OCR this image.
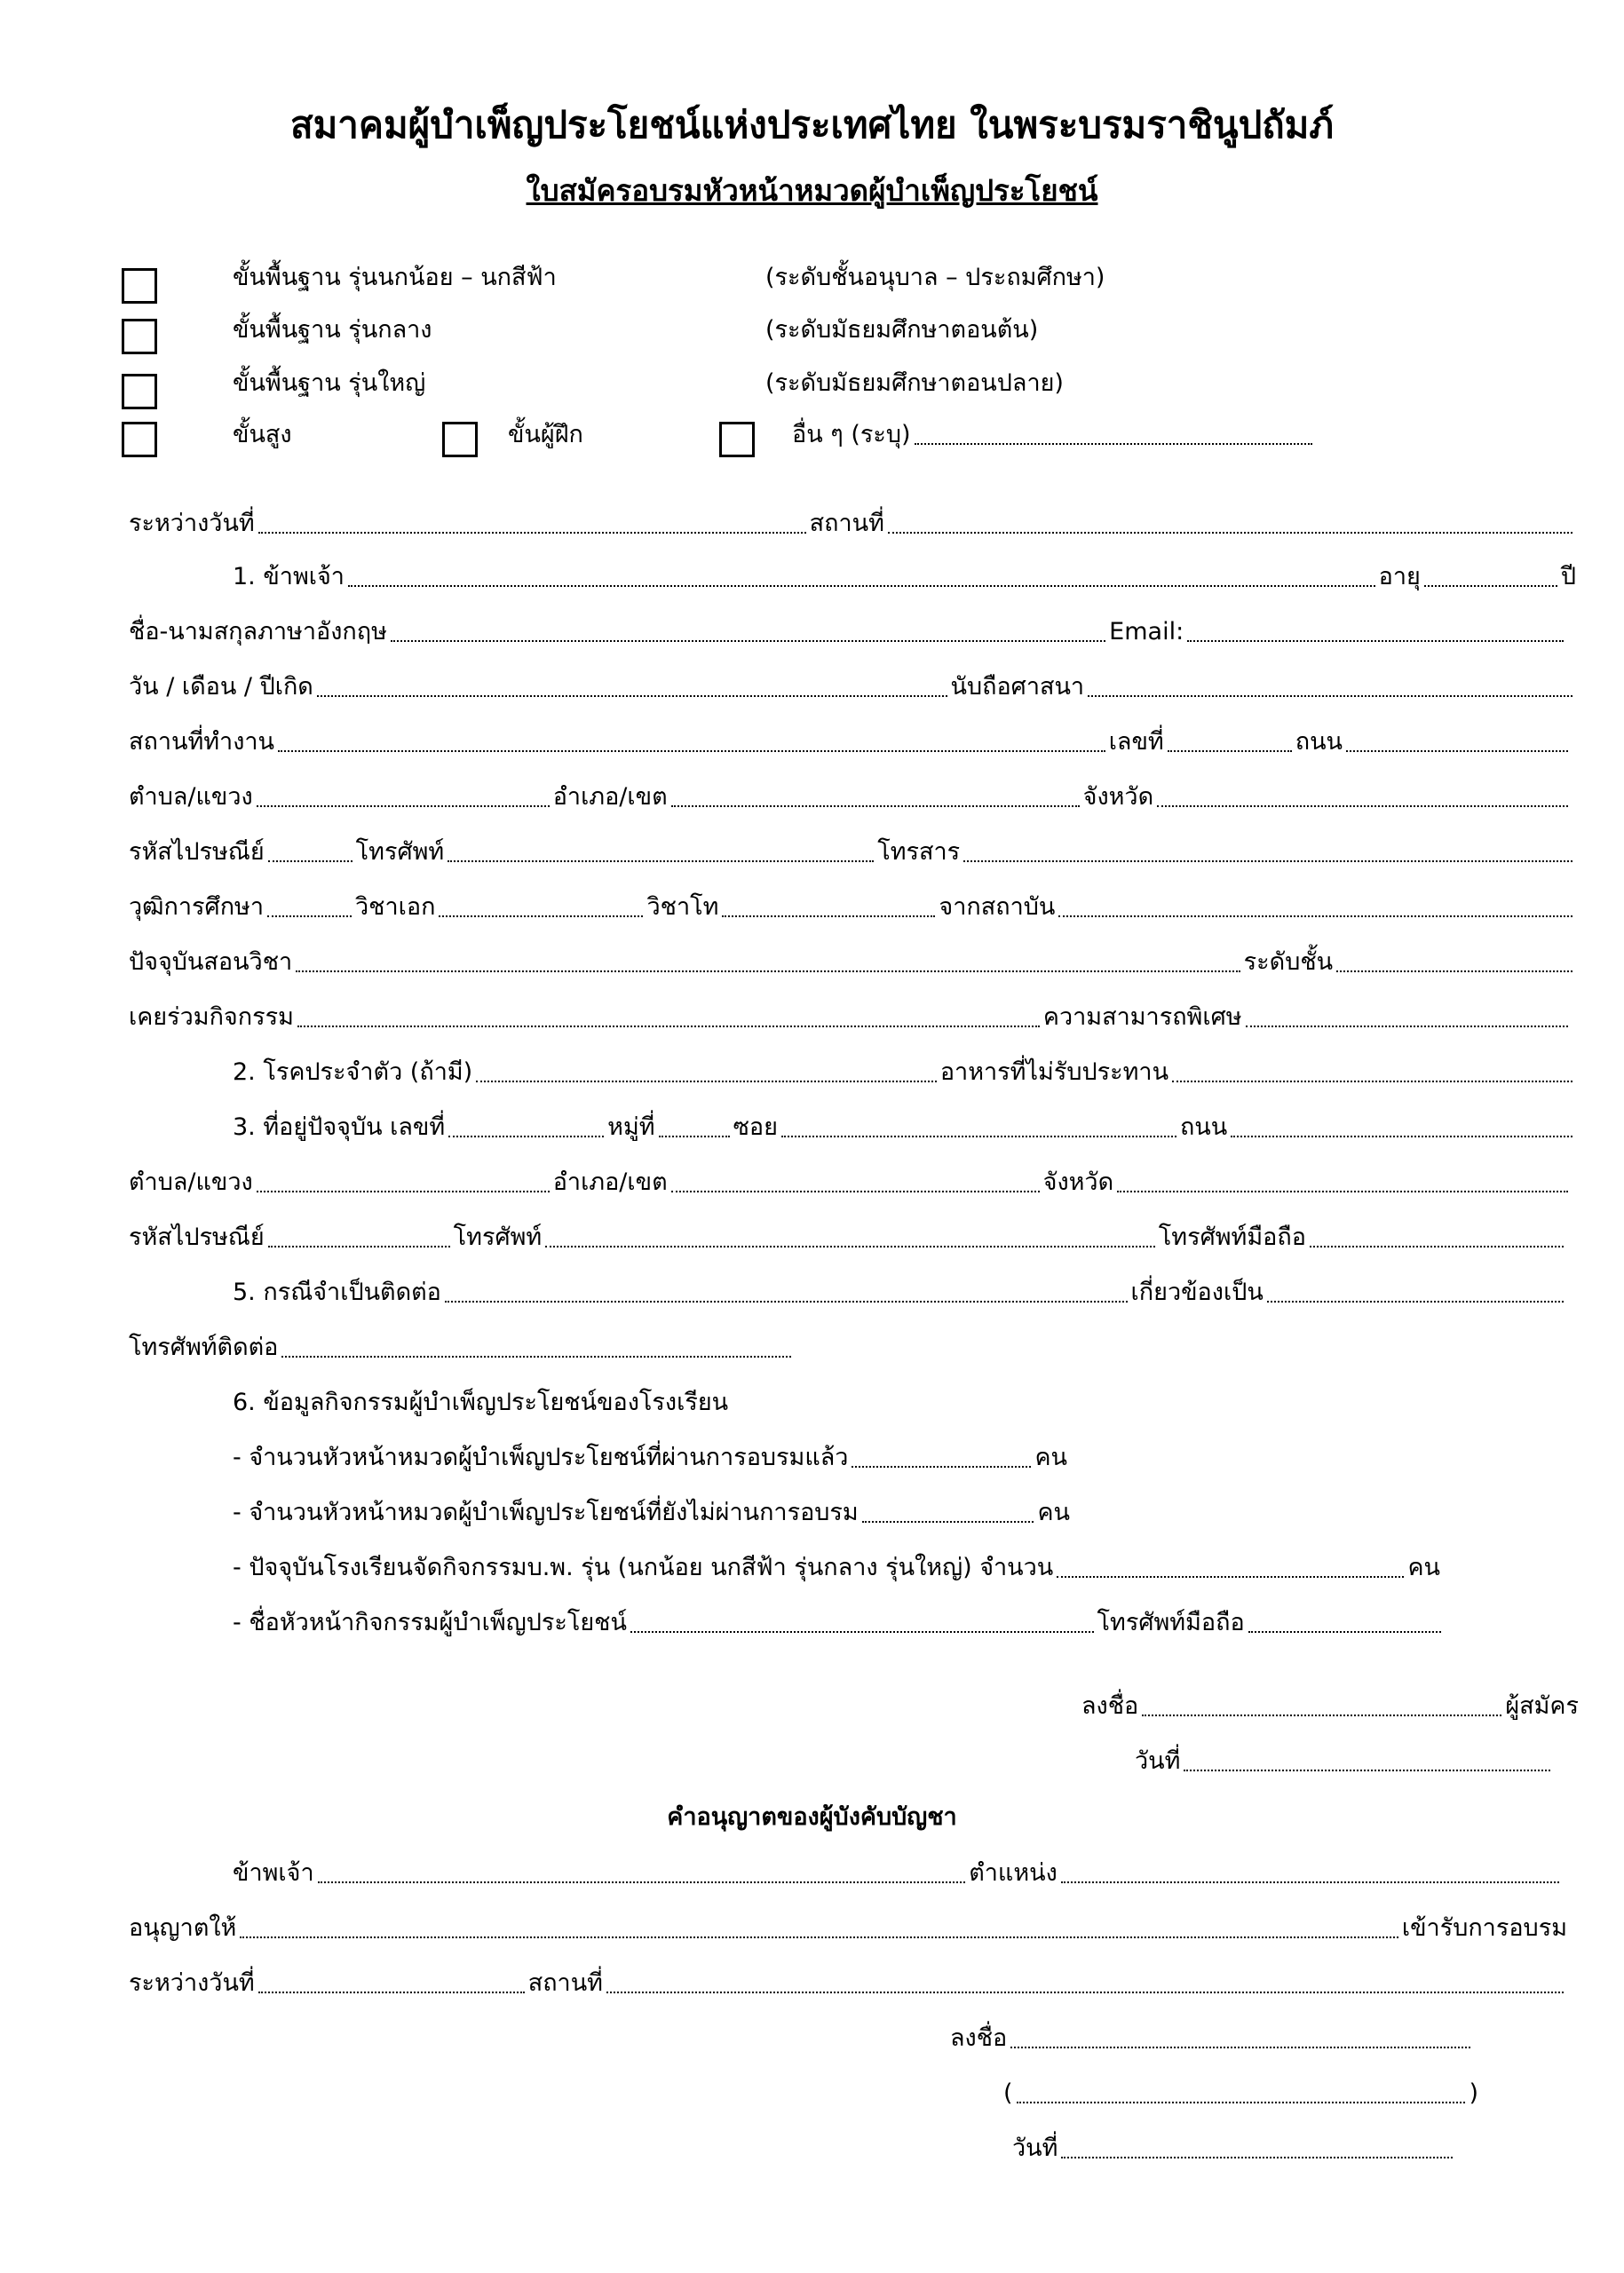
สมาคมผู้บำเพ็ญประโยชน์แห่งประเทศไทย ในพระบรมราชินูปถัมภ์
ใบสมัครอบรมหัวหน้าหมวดผู้บำเพ็ญประโยชน์
ขั้นพื้นฐาน รุ่นนกน้อย – นกสีฟ้า	(ระดับชั้นอนุบาล – ประถมศึกษา)
ขั้นพื้นฐาน รุ่นกลาง	(ระดับมัธยมศึกษาตอนต้น)
ขั้นพื้นฐาน รุ่นใหญ่	(ระดับมัธยมศึกษาตอนปลาย)
ขั้นสูง	ขั้นผู้ฝึก	อื่น ๆ (ระบุ)
ระหว่างวันที่	สถานที่
1. ข้าพเจ้า	อายุ	ปี
ชื่อ-นามสกุลภาษาอังกฤษ	Email:
วัน / เดือน / ปีเกิด	นับถือศาสนา
สถานที่ทำงาน	เลขที่	ถนน
ตำบล/แขวง	อำเภอ/เขต	จังหวัด
รหัสไปรษณีย์	โทรศัพท์	โทรสาร
วุฒิการศึกษา	วิชาเอก	วิชาโท	จากสถาบัน
ปัจจุบันสอนวิชา	ระดับชั้น
เคยร่วมกิจกรรม	ความสามารถพิเศษ
2. โรคประจำตัว (ถ้ามี)	อาหารที่ไม่รับประทาน
3. ที่อยู่ปัจจุบัน เลขที่	หมู่ที่	ซอย	ถนน
ตำบล/แขวง	อำเภอ/เขต	จังหวัด
รหัสไปรษณีย์	โทรศัพท์	โทรศัพท์มือถือ
5. กรณีจำเป็นติดต่อ	เกี่ยวข้องเป็น
โทรศัพท์ติดต่อ
6. ข้อมูลกิจกรรมผู้บำเพ็ญประโยชน์ของโรงเรียน
- จำนวนหัวหน้าหมวดผู้บำเพ็ญประโยชน์ที่ผ่านการอบรมแล้ว	คน
- จำนวนหัวหน้าหมวดผู้บำเพ็ญประโยชน์ที่ยังไม่ผ่านการอบรม	คน
- ปัจจุบันโรงเรียนจัดกิจกรรมบ.พ. รุ่น (นกน้อย นกสีฟ้า รุ่นกลาง รุ่นใหญ่) จำนวน	คน
- ชื่อหัวหน้ากิจกรรมผู้บำเพ็ญประโยชน์	โทรศัพท์มือถือ
ลงชื่อ	ผู้สมัคร
วันที่
คำอนุญาตของผู้บังคับบัญชา
ข้าพเจ้า	ตำแหน่ง
อนุญาตให้	เข้ารับการอบรม
ระหว่างวันที่	สถานที่
ลงชื่อ
(	)
วันที่
